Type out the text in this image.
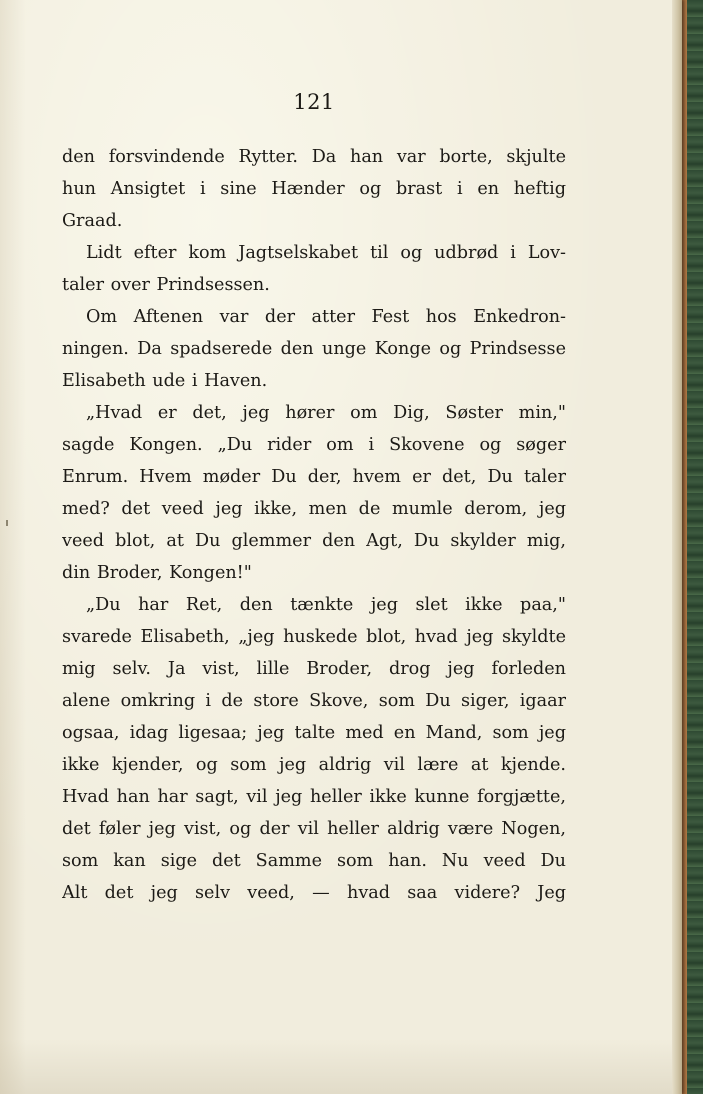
121
den forsvindende Rytter. Da han var borte, skjulte
hun Ansigtet i sine Hænder og brast i en heftig
Graad.
Lidt efter kom Jagtselskabet til og udbrød i Lov-
taler over Prindsessen.
Om Aftenen var der atter Fest hos Enkedron-
ningen. Da spadserede den unge Konge og Prindsesse
Elisabeth ude i Haven.
„Hvad er det, jeg hører om Dig, Søster min,"
sagde Kongen. „Du rider om i Skovene og søger
Enrum. Hvem møder Du der, hvem er det, Du taler
med? det veed jeg ikke, men de mumle derom, jeg
veed blot, at Du glemmer den Agt, Du skylder mig,
din Broder, Kongen!"
„Du har Ret, den tænkte jeg slet ikke paa,"
svarede Elisabeth, „jeg huskede blot, hvad jeg skyldte
mig selv. Ja vist, lille Broder, drog jeg forleden
alene omkring i de store Skove, som Du siger, igaar
ogsaa, idag ligesaa; jeg talte med en Mand, som jeg
ikke kjender, og som jeg aldrig vil lære at kjende.
Hvad han har sagt, vil jeg heller ikke kunne forgjætte,
det føler jeg vist, og der vil heller aldrig være Nogen,
som kan sige det Samme som han. Nu veed Du
Alt det jeg selv veed, — hvad saa videre? Jeg
